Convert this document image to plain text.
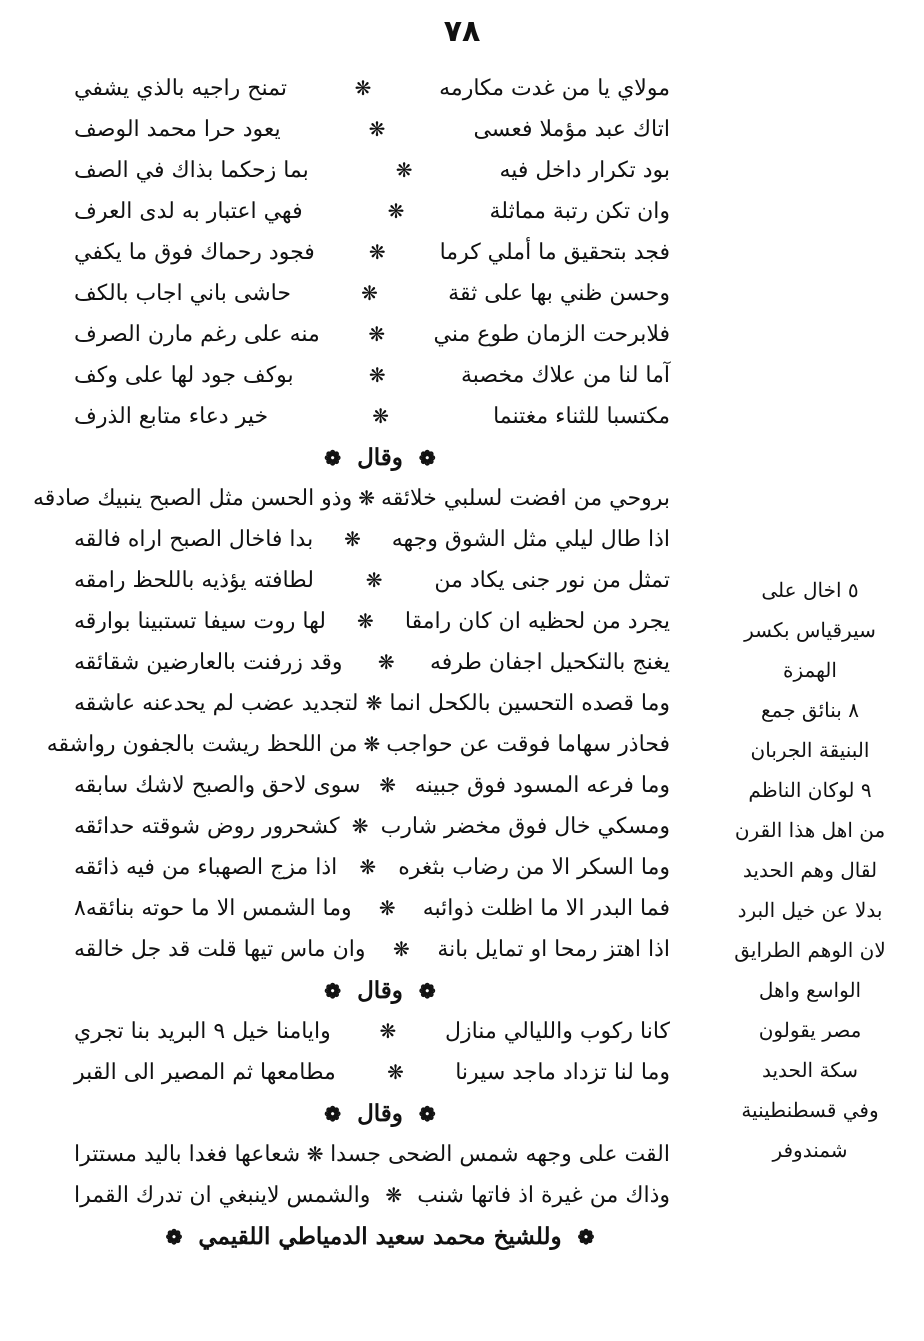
٧٨
مولاي يا من غدت مكارمه
❋
تمنح راجيه بالذي يشفي
اتاك عبد مؤملا فعسى
❋
يعود حرا محمد الوصف
بود تكرار داخل فيه
❋
بما زحكما بذاك في الصف
وان تكن رتبة مماثلة
❋
فهي اعتبار به لدى العرف
فجد بتحقيق ما أملي كرما
❋
فجود رحماك فوق ما يكفي
وحسن ظني بها على ثقة
❋
حاشى باني اجاب بالكف
فلابرحت الزمان طوع مني
❋
منه على رغم مارن الصرف
آما لنا من علاك مخصبة
❋
بوكف جود لها على وكف
مكتسبا للثناء مغتنما
❋
خير دعاء متابع الذرف
❁ وقال ❁
بروحي من افضت لسلبي خلائقه
❋
وذو الحسن مثل الصبح ينبيك صادقه
اذا طال ليلي مثل الشوق وجهه
❋
بدا فاخال الصبح اراه فالقه
تمثل من نور جنى يكاد من
❋
لطافته يؤذيه باللحظ رامقه
يجرد من لحظيه ان كان رامقا
❋
لها روت سيفا تستبينا بوارقه
يغنج بالتكحيل اجفان طرفه
❋
وقد زرفنت بالعارضين شقائقه
وما قصده التحسين بالكحل انما
❋
لتجديد عضب لم يحدعنه عاشقه
فحاذر سهاما فوقت عن حواجب
❋
من اللحظ ريشت بالجفون رواشقه
وما فرعه المسود فوق جبينه
❋
سوى لاحق والصبح لاشك سابقه
ومسكي خال فوق مخضر شارب
❋
كشحرور روض شوقته حدائقه
وما السكر الا من رضاب بثغره
❋
اذا مزج الصهباء من فيه ذائقه
فما البدر الا ما اظلت ذوائبه
❋
وما الشمس الا ما حوته بنائقه٨
اذا اهتز رمحا او تمايل بانة
❋
وان ماس تيها قلت قد جل خالقه
❁ وقال ❁
كانا ركوب والليالي منازل
❋
وايامنا خيل ٩ البريد بنا تجري
وما لنا تزداد ماجد سيرنا
❋
مطامعها ثم المصير الى القبر
❁ وقال ❁
القت على وجهه شمس الضحى جسدا
❋
شعاعها فغدا باليد مستترا
وذاك من غيرة اذ فاتها شنب
❋
والشمس لاينبغي ان تدرك القمرا
❁ وللشيخ محمد سعيد الدمياطي اللقيمي ❁
٥ اخال على
سيرقياس بكسر
الهمزة
٨ بنائق جمع
البنيقة الجربان
٩ لوكان الناظم
من اهل هذا القرن
لقال وهم الحديد
بدلا عن خيل البرد
لان الوهم الطرايق
الواسع واهل
مصر يقولون
سكة الحديد
وفي قسطنطينية
شمندوفر
